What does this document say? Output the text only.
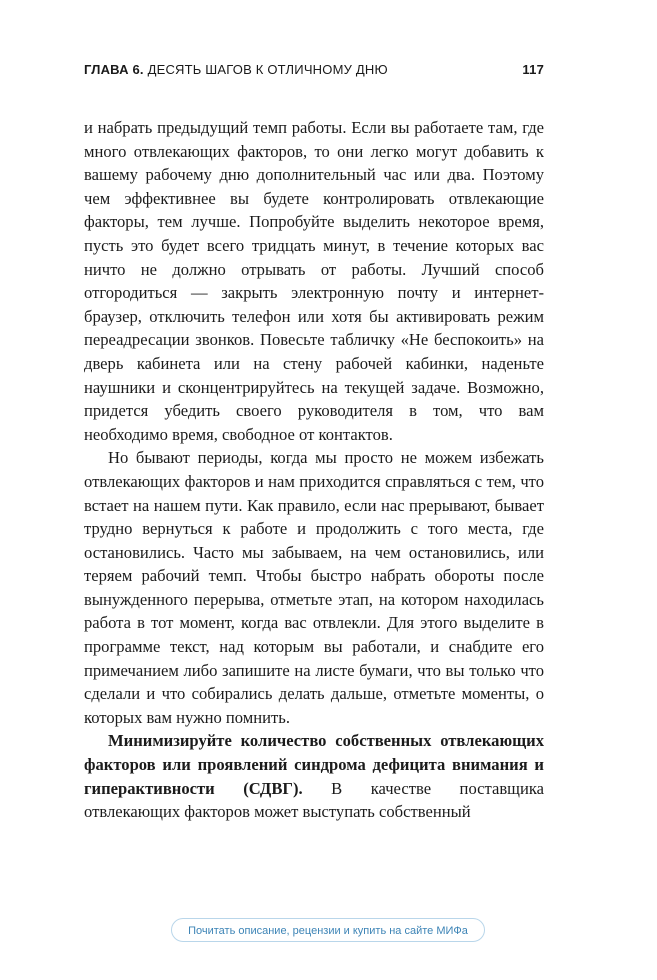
ГЛАВА 6. ДЕСЯТЬ ШАГОВ К ОТЛИЧНОМУ ДНЮ	117

и набрать предыдущий темп работы. Если вы работаете там, где много отвлекающих факторов, то они легко могут добавить к вашему рабочему дню дополнительный час или два. Поэтому чем эффективнее вы будете контролировать отвлекающие факторы, тем лучше. Попробуйте выделить некоторое время, пусть это будет всего тридцать минут, в течение которых вас ничто не должно отрывать от работы. Лучший способ отгородиться — закрыть электронную почту и интернет-браузер, отключить телефон или хотя бы активировать режим переадресации звонков. Повесьте табличку «Не беспокоить» на дверь кабинета или на стену рабочей кабинки, наденьте наушники и сконцентрируйтесь на текущей задаче. Возможно, придется убедить своего руководителя в том, что вам необходимо время, свободное от контактов.

Но бывают периоды, когда мы просто не можем избежать отвлекающих факторов и нам приходится справляться с тем, что встает на нашем пути. Как правило, если нас прерывают, бывает трудно вернуться к работе и продолжить с того места, где остановились. Часто мы забываем, на чем остановились, или теряем рабочий темп. Чтобы быстро набрать обороты после вынужденного перерыва, отметьте этап, на котором находилась работа в тот момент, когда вас отвлекли. Для этого выделите в программе текст, над которым вы работали, и снабдите его примечанием либо запишите на листе бумаги, что вы только что сделали и что собирались делать дальше, отметьте моменты, о которых вам нужно помнить.

Минимизируйте количество собственных отвлекающих факторов или проявлений синдрома дефицита внимания и гиперактивности (СДВГ). В качестве поставщика отвлекающих факторов может выступать собственный

Почитать описание, рецензии и купить на сайте МИФа
